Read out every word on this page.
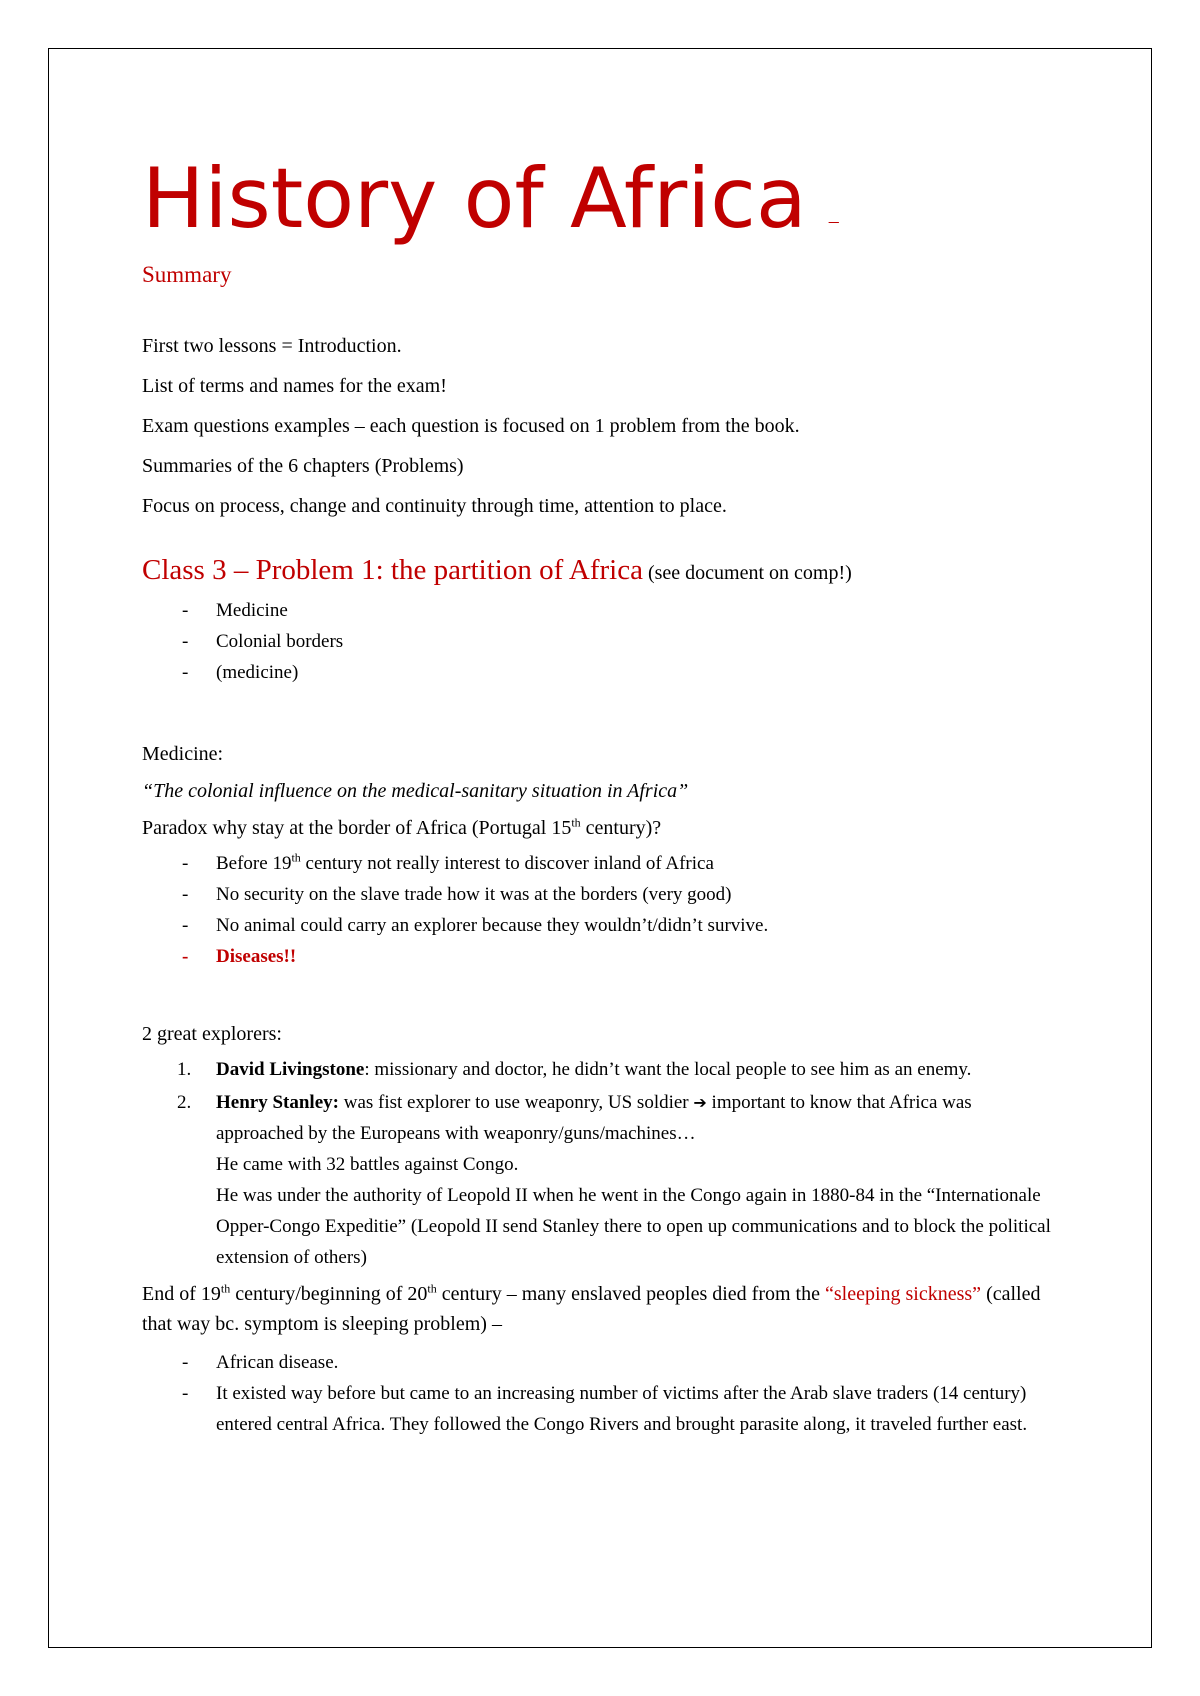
History of Africa –

Summary

First two lessons = Introduction.

List of terms and names for the exam!

Exam questions examples – each question is focused on 1 problem from the book.

Summaries of the 6 chapters (Problems)

Focus on process, change and continuity through time, attention to place.

Class 3 – Problem 1: the partition of Africa (see document on comp!)

- Medicine
- Colonial borders
- (medicine)

Medicine:

“The colonial influence on the medical-sanitary situation in Africa”

Paradox why stay at the border of Africa (Portugal 15th century)?

- Before 19th century not really interest to discover inland of Africa
- No security on the slave trade how it was at the borders (very good)
- No animal could carry an explorer because they wouldn’t/didn’t survive.
- Diseases!!

2 great explorers:

1. David Livingstone: missionary and doctor, he didn’t want the local people to see him as an enemy.
2. Henry Stanley: was fist explorer to use weaponry, US soldier ➔ important to know that Africa was approached by the Europeans with weaponry/guns/machines…
He came with 32 battles against Congo.
He was under the authority of Leopold II when he went in the Congo again in 1880-84 in the “Internationale Opper-Congo Expeditie” (Leopold II send Stanley there to open up communications and to block the political extension of others)

End of 19th century/beginning of 20th century – many enslaved peoples died from the “sleeping sickness” (called that way bc. symptom is sleeping problem) –

- African disease.
- It existed way before but came to an increasing number of victims after the Arab slave traders (14 century) entered central Africa. They followed the Congo Rivers and brought parasite along, it traveled further east.
